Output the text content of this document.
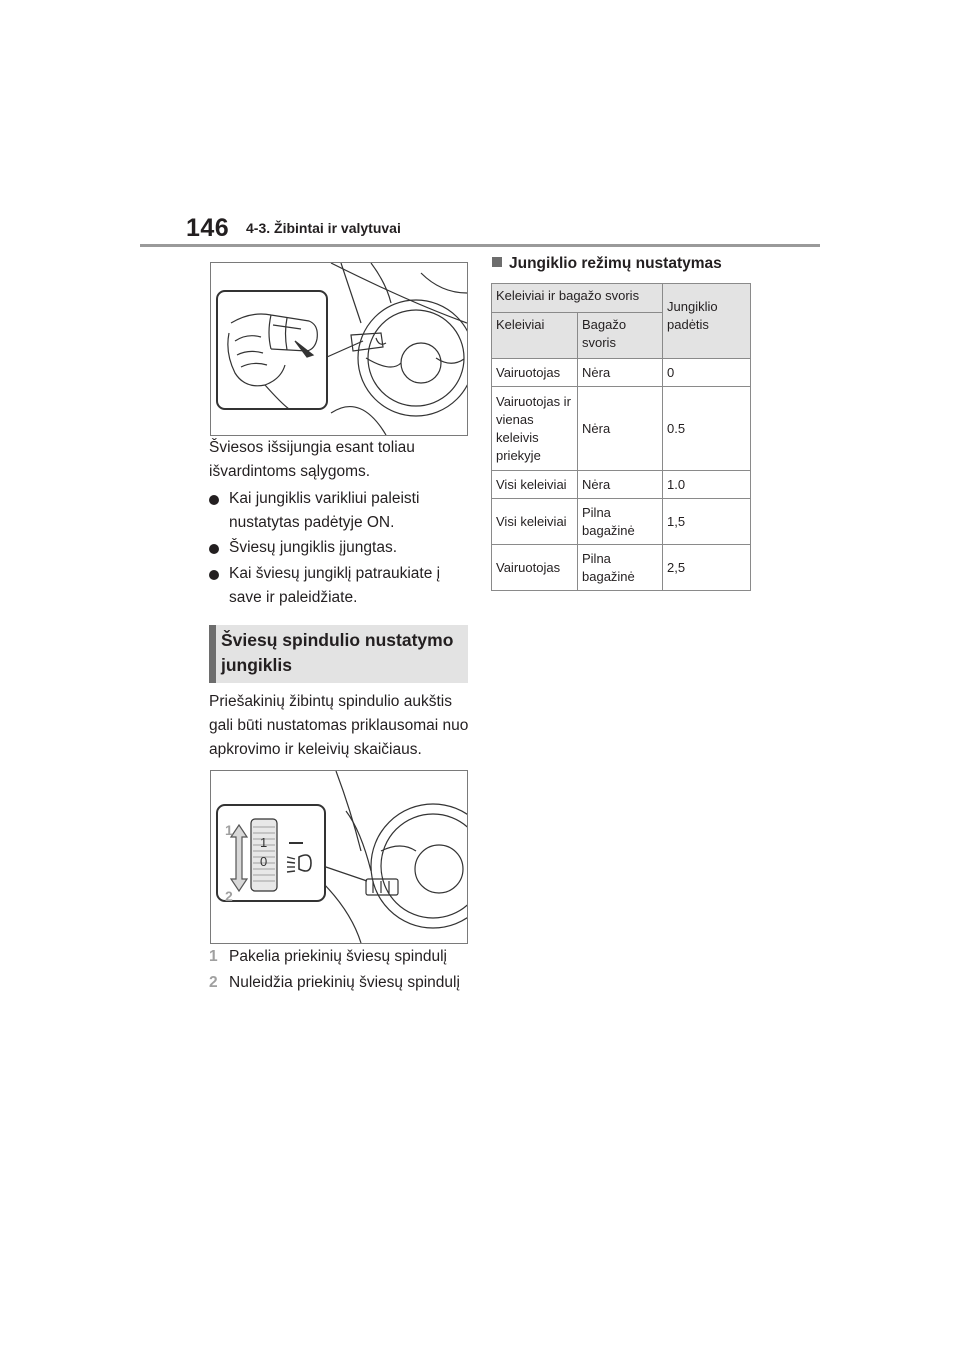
146 4-3. Žibintai ir valytuvai
Šviesos išsijungia esant toliau išvardintoms sąlygoms.
Kai jungiklis varikliui paleisti nustatytas padėtyje ON.
Šviesų jungiklis įjungtas.
Kai šviesų jungiklį patraukiate į save ir paleidžiate.
Šviesų spindulio nustatymo
jungiklis
Priešakinių žibintų spindulio aukštis gali būti nustatomas priklausomai nuo apkrovimo ir keleivių skaičiaus.
1
0
1
2
1 Pakelia priekinių šviesų spindulį
2 Nuleidžia priekinių šviesų spindulį
Jungiklio režimų nustatymas
Keleiviai ir bagažo svoris		Jungiklio padėtis
Keleiviai	Bagažo svoris	
Vairuotojas	Nėra	0
Vairuotojas ir vienas keleivis priekyje	Nėra	0.5
Visi keleiviai	Nėra	1.0
Visi keleiviai	Pilna bagažinė	1,5
Vairuotojas	Pilna bagažinė	2,5
